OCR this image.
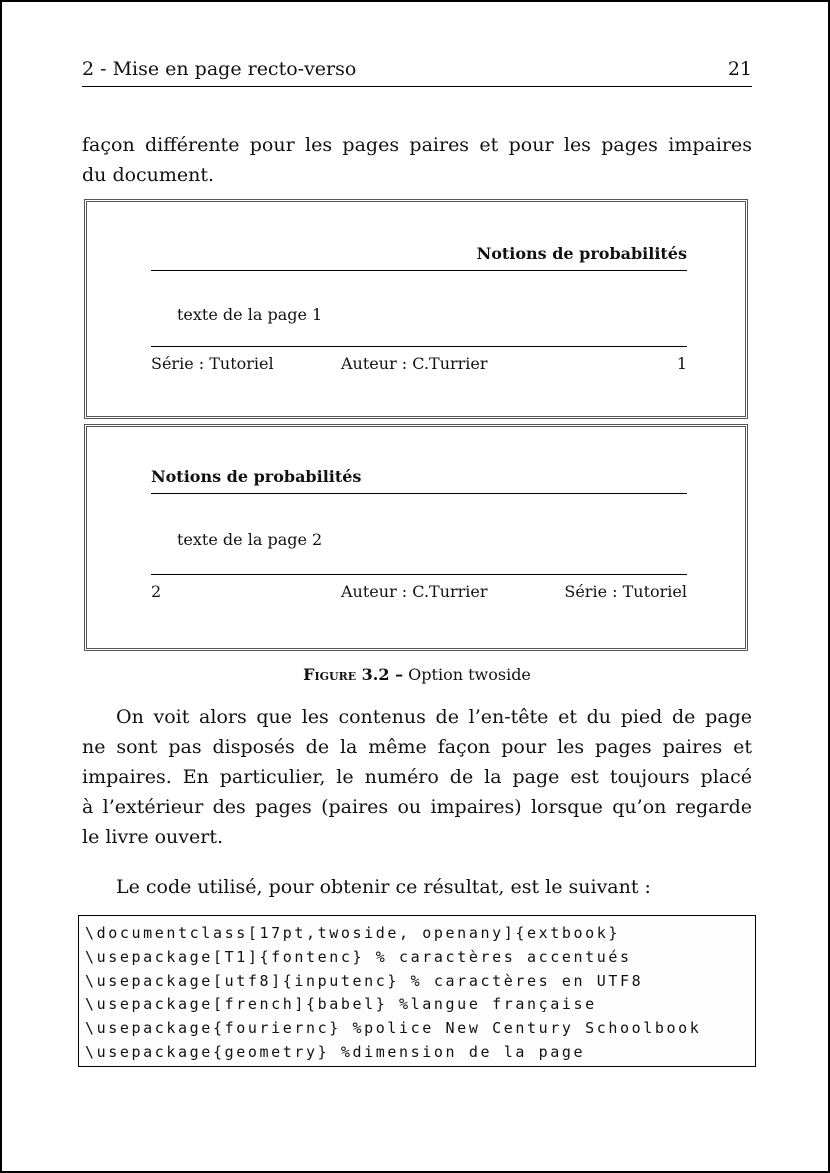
2 - Mise en page recto-verso	21

façon différente pour les pages paires et pour les pages impaires
du document.

Notions de probabilités
texte de la page 1
Série : Tutoriel	Auteur : C.Turrier	1
Notions de probabilités
texte de la page 2
2	Auteur : C.Turrier	Série : Tutoriel
Figure 3.2 – Option twoside

On voit alors que les contenus de l’en-tête et du pied de page
ne sont pas disposés de la même façon pour les pages paires et
impaires. En particulier, le numéro de la page est toujours placé
à l’extérieur des pages (paires ou impaires) lorsque qu’on regarde
le livre ouvert.

Le code utilisé, pour obtenir ce résultat, est le suivant :

\documentclass[17pt,twoside, openany]{extbook}
\usepackage[T1]{fontenc} % caractères accentués
\usepackage[utf8]{inputenc} % caractères en UTF8
\usepackage[french]{babel} %langue française
\usepackage{fouriernc} %police New Century Schoolbook
\usepackage{geometry} %dimension de la page
